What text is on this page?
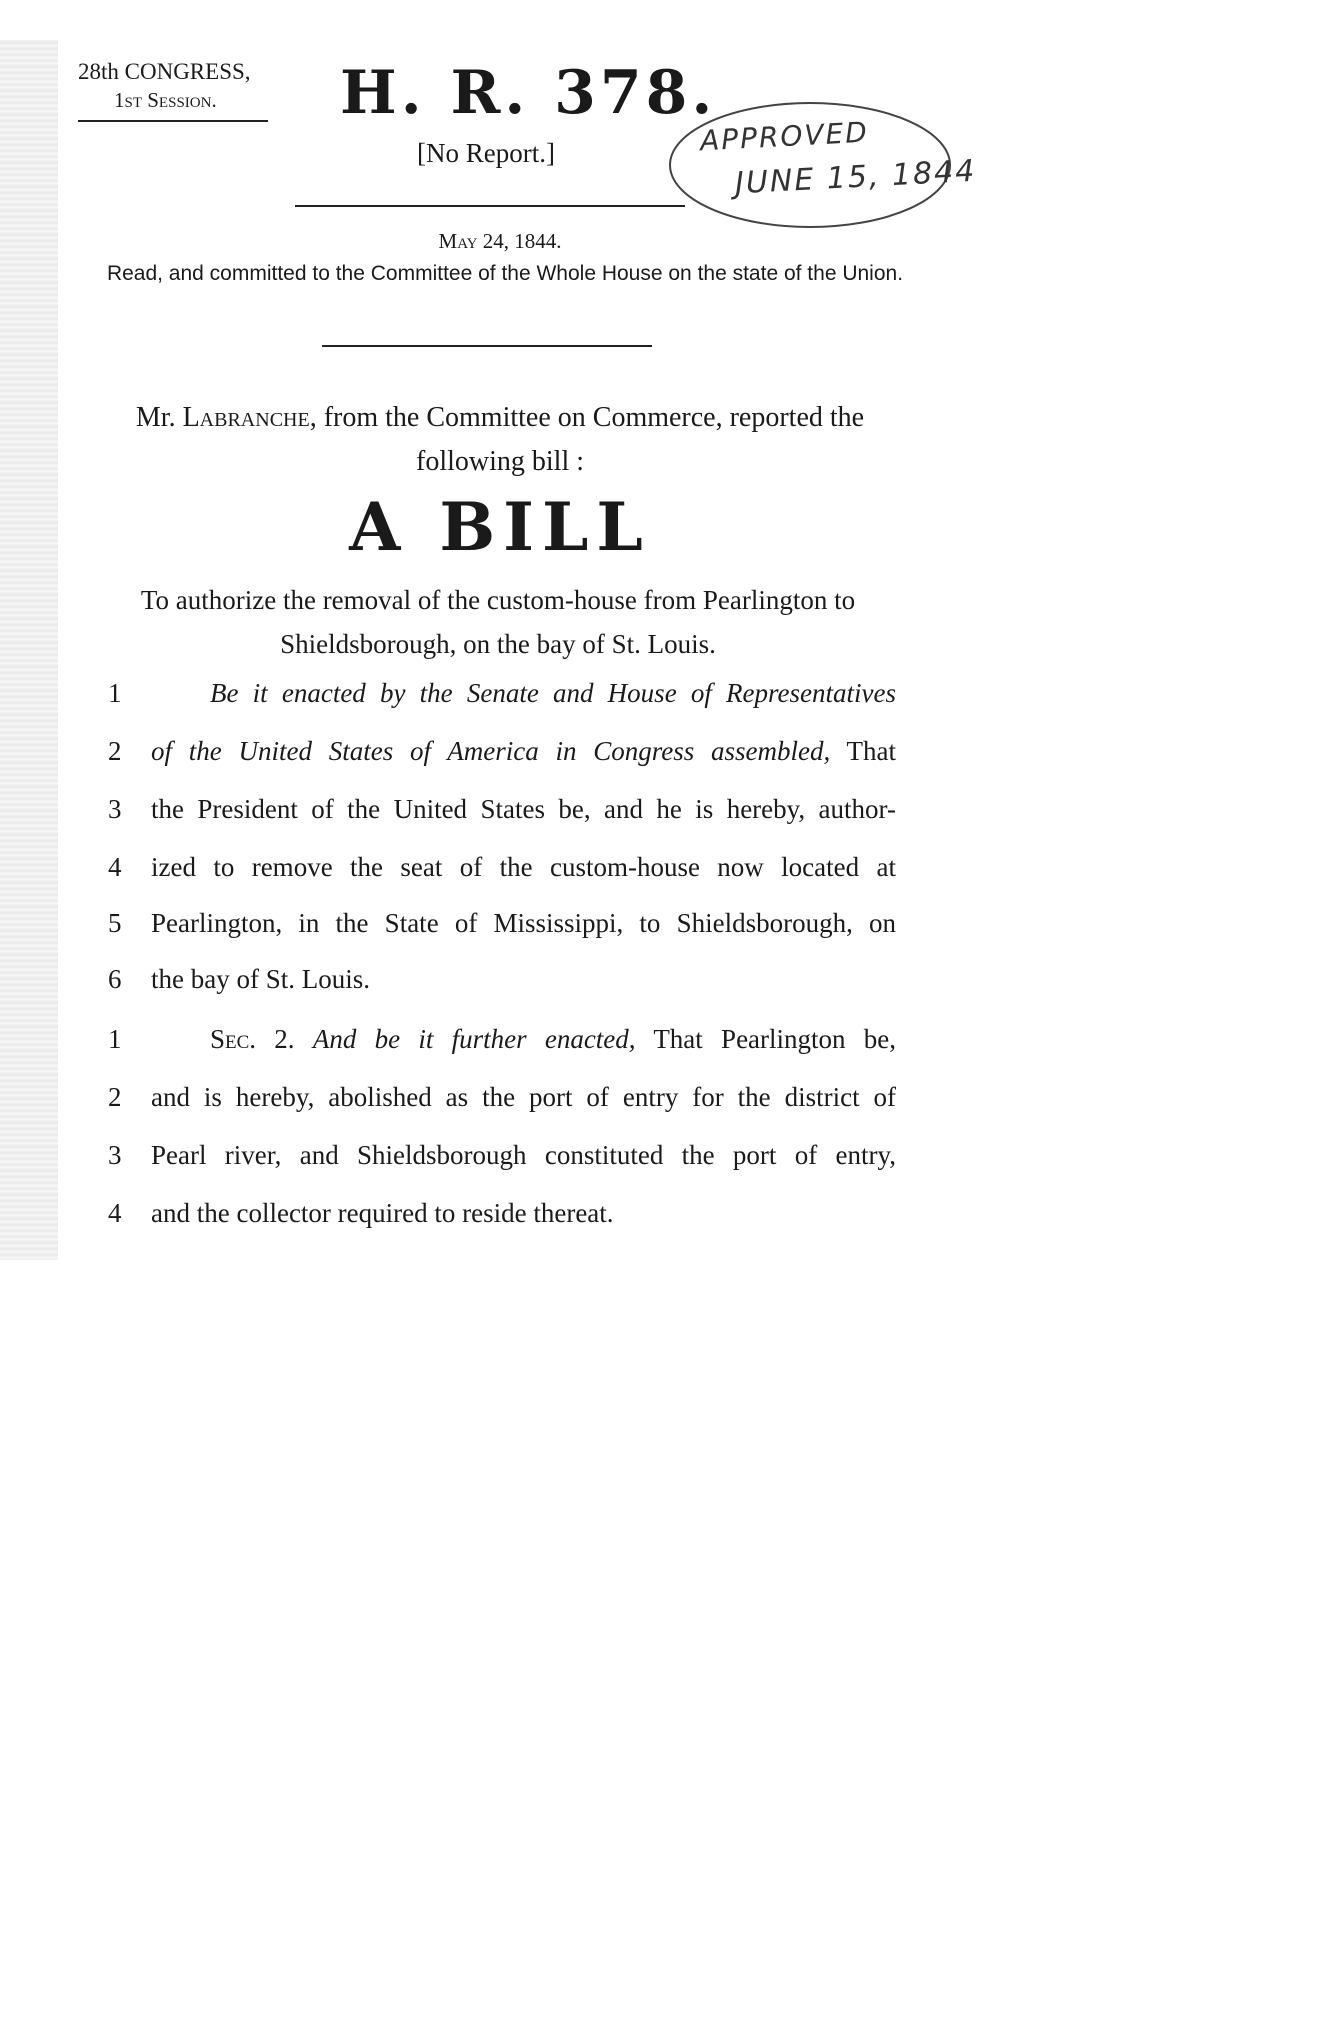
28th CONGRESS,
1st Session.	H. R. 378.
[No Report.]	APPROVED
JUNE 15, 1844
May 24, 1844.
Read, and committed to the Committee of the Whole House on the state of the Union.
Mr. Labranche, from the Committee on Commerce, reported the following bill :
A BILL
To authorize the removal of the custom-house from Pearlington to Shieldsborough, on the bay of St. Louis.
1	Be it enacted by the Senate and House of Representatives
2	of the United States of America in Congress assembled, That
3	the President of the United States be, and he is hereby, author-
4	ized to remove the seat of the custom-house now located at
5	Pearlington, in the State of Mississippi, to Shieldsborough, on
6	the bay of St. Louis.
1	Sec. 2. And be it further enacted, That Pearlington be,
2	and is hereby, abolished as the port of entry for the district of
3	Pearl river, and Shieldsborough constituted the port of entry,
4	and the collector required to reside thereat.
